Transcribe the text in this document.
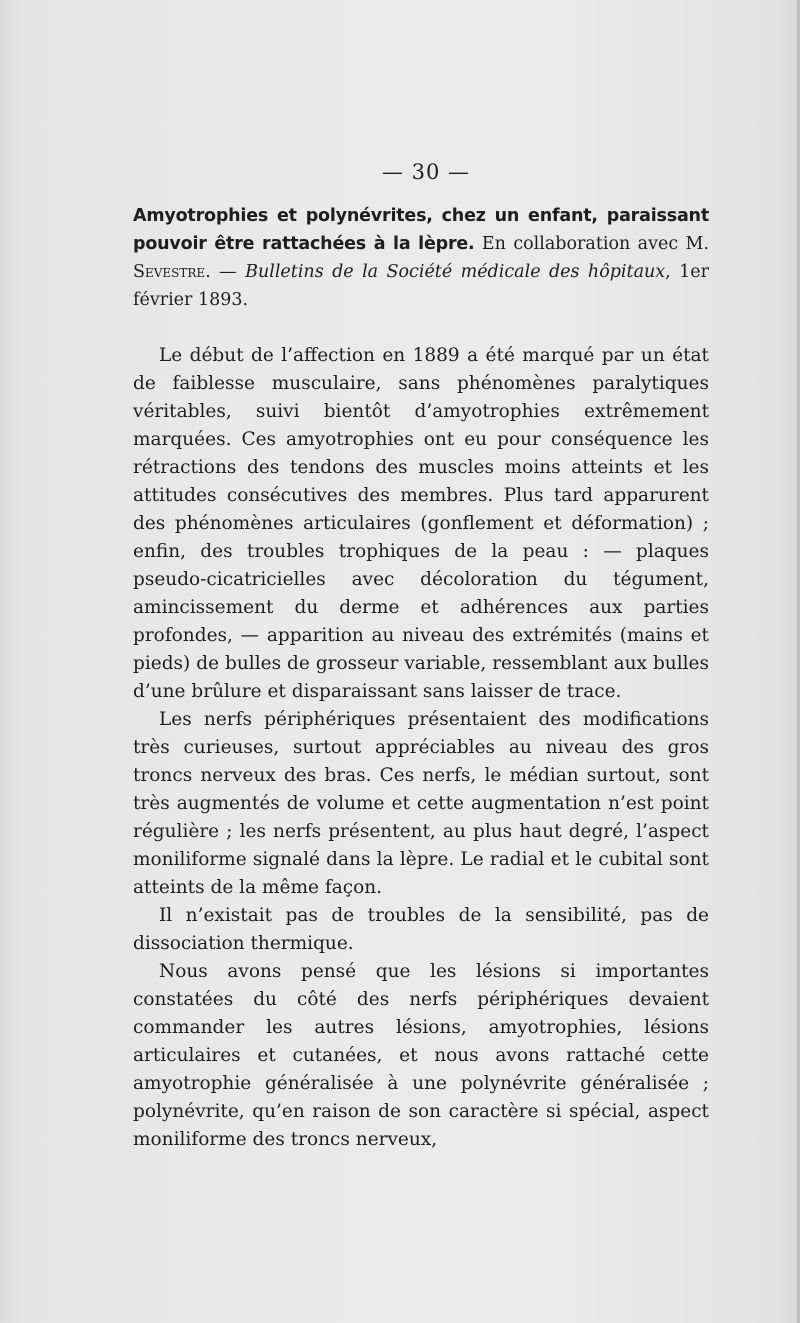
— 30 —

Amyotrophies et polynévrites, chez un enfant, paraissant pouvoir être rattachées à la lèpre. En collaboration avec M. Sevestre. — Bulletins de la Société médicale des hôpitaux, 1er février 1893.

Le début de l’affection en 1889 a été marqué par un état de faiblesse musculaire, sans phénomènes paralytiques véritables, suivi bientôt d’amyotrophies extrêmement marquées. Ces amyotrophies ont eu pour conséquence les rétractions des tendons des muscles moins atteints et les attitudes consécutives des membres. Plus tard apparurent des phénomènes articulaires (gonflement et déformation) ; enfin, des troubles trophiques de la peau : — plaques pseudo-cicatricielles avec décoloration du tégument, amincissement du derme et adhérences aux parties profondes, — apparition au niveau des extrémités (mains et pieds) de bulles de grosseur variable, ressemblant aux bulles d’une brûlure et disparaissant sans laisser de trace.

Les nerfs périphériques présentaient des modifications très curieuses, surtout appréciables au niveau des gros troncs nerveux des bras. Ces nerfs, le médian surtout, sont très augmentés de volume et cette augmentation n’est point régulière ; les nerfs présentent, au plus haut degré, l’aspect moniliforme signalé dans la lèpre. Le radial et le cubital sont atteints de la même façon.

Il n’existait pas de troubles de la sensibilité, pas de dissociation thermique.

Nous avons pensé que les lésions si importantes constatées du côté des nerfs périphériques devaient commander les autres lésions, amyotrophies, lésions articulaires et cutanées, et nous avons rattaché cette amyotrophie généralisée à une polynévrite généralisée ; polynévrite, qu’en raison de son caractère si spécial, aspect moniliforme des troncs nerveux,
